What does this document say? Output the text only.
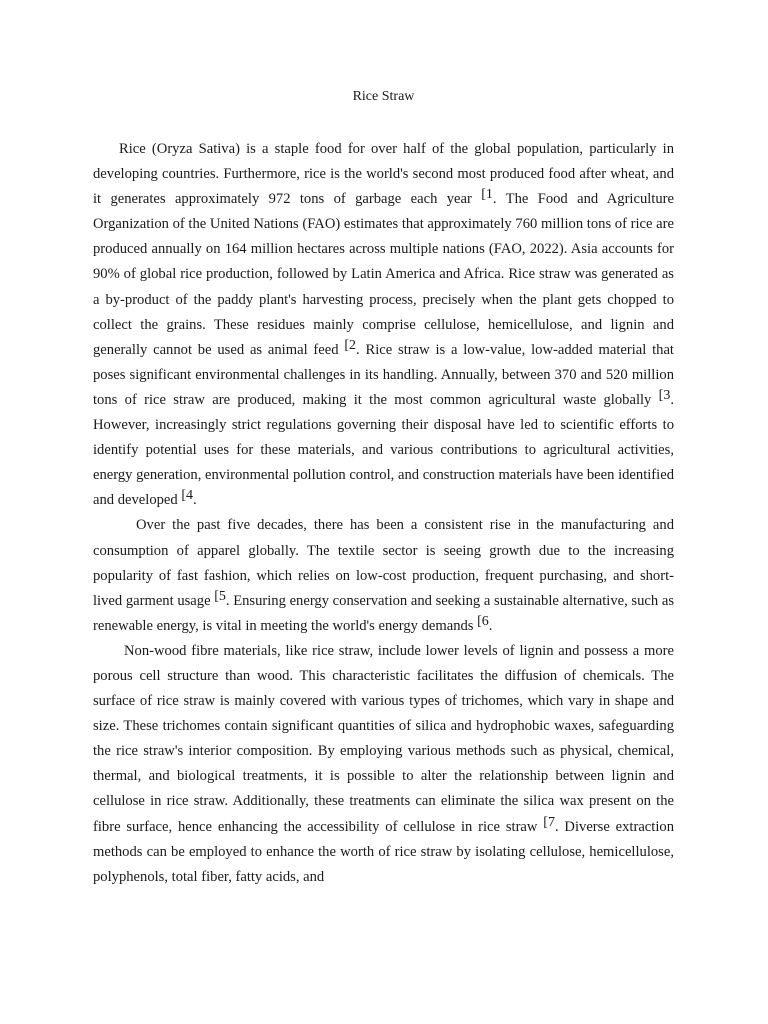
Rice Straw

Rice (Oryza Sativa) is a staple food for over half of the global population, particularly in developing countries. Furthermore, rice is the world's second most produced food after wheat, and it generates approximately 972 tons of garbage each year [1. The Food and Agriculture Organization of the United Nations (FAO) estimates that approximately 760 million tons of rice are produced annually on 164 million hectares across multiple nations (FAO, 2022). Asia accounts for 90% of global rice production, followed by Latin America and Africa. Rice straw was generated as a by-product of the paddy plant's harvesting process, precisely when the plant gets chopped to collect the grains. These residues mainly comprise cellulose, hemicellulose, and lignin and generally cannot be used as animal feed [2. Rice straw is a low-value, low-added material that poses significant environmental challenges in its handling. Annually, between 370 and 520 million tons of rice straw are produced, making it the most common agricultural waste globally [3. However, increasingly strict regulations governing their disposal have led to scientific efforts to identify potential uses for these materials, and various contributions to agricultural activities, energy generation, environmental pollution control, and construction materials have been identified and developed [4.

Over the past five decades, there has been a consistent rise in the manufacturing and consumption of apparel globally. The textile sector is seeing growth due to the increasing popularity of fast fashion, which relies on low-cost production, frequent purchasing, and short-lived garment usage [5. Ensuring energy conservation and seeking a sustainable alternative, such as renewable energy, is vital in meeting the world's energy demands [6.

Non-wood fibre materials, like rice straw, include lower levels of lignin and possess a more porous cell structure than wood. This characteristic facilitates the diffusion of chemicals. The surface of rice straw is mainly covered with various types of trichomes, which vary in shape and size. These trichomes contain significant quantities of silica and hydrophobic waxes, safeguarding the rice straw's interior composition. By employing various methods such as physical, chemical, thermal, and biological treatments, it is possible to alter the relationship between lignin and cellulose in rice straw. Additionally, these treatments can eliminate the silica wax present on the fibre surface, hence enhancing the accessibility of cellulose in rice straw [7. Diverse extraction methods can be employed to enhance the worth of rice straw by isolating cellulose, hemicellulose, polyphenols, total fiber, fatty acids, and
